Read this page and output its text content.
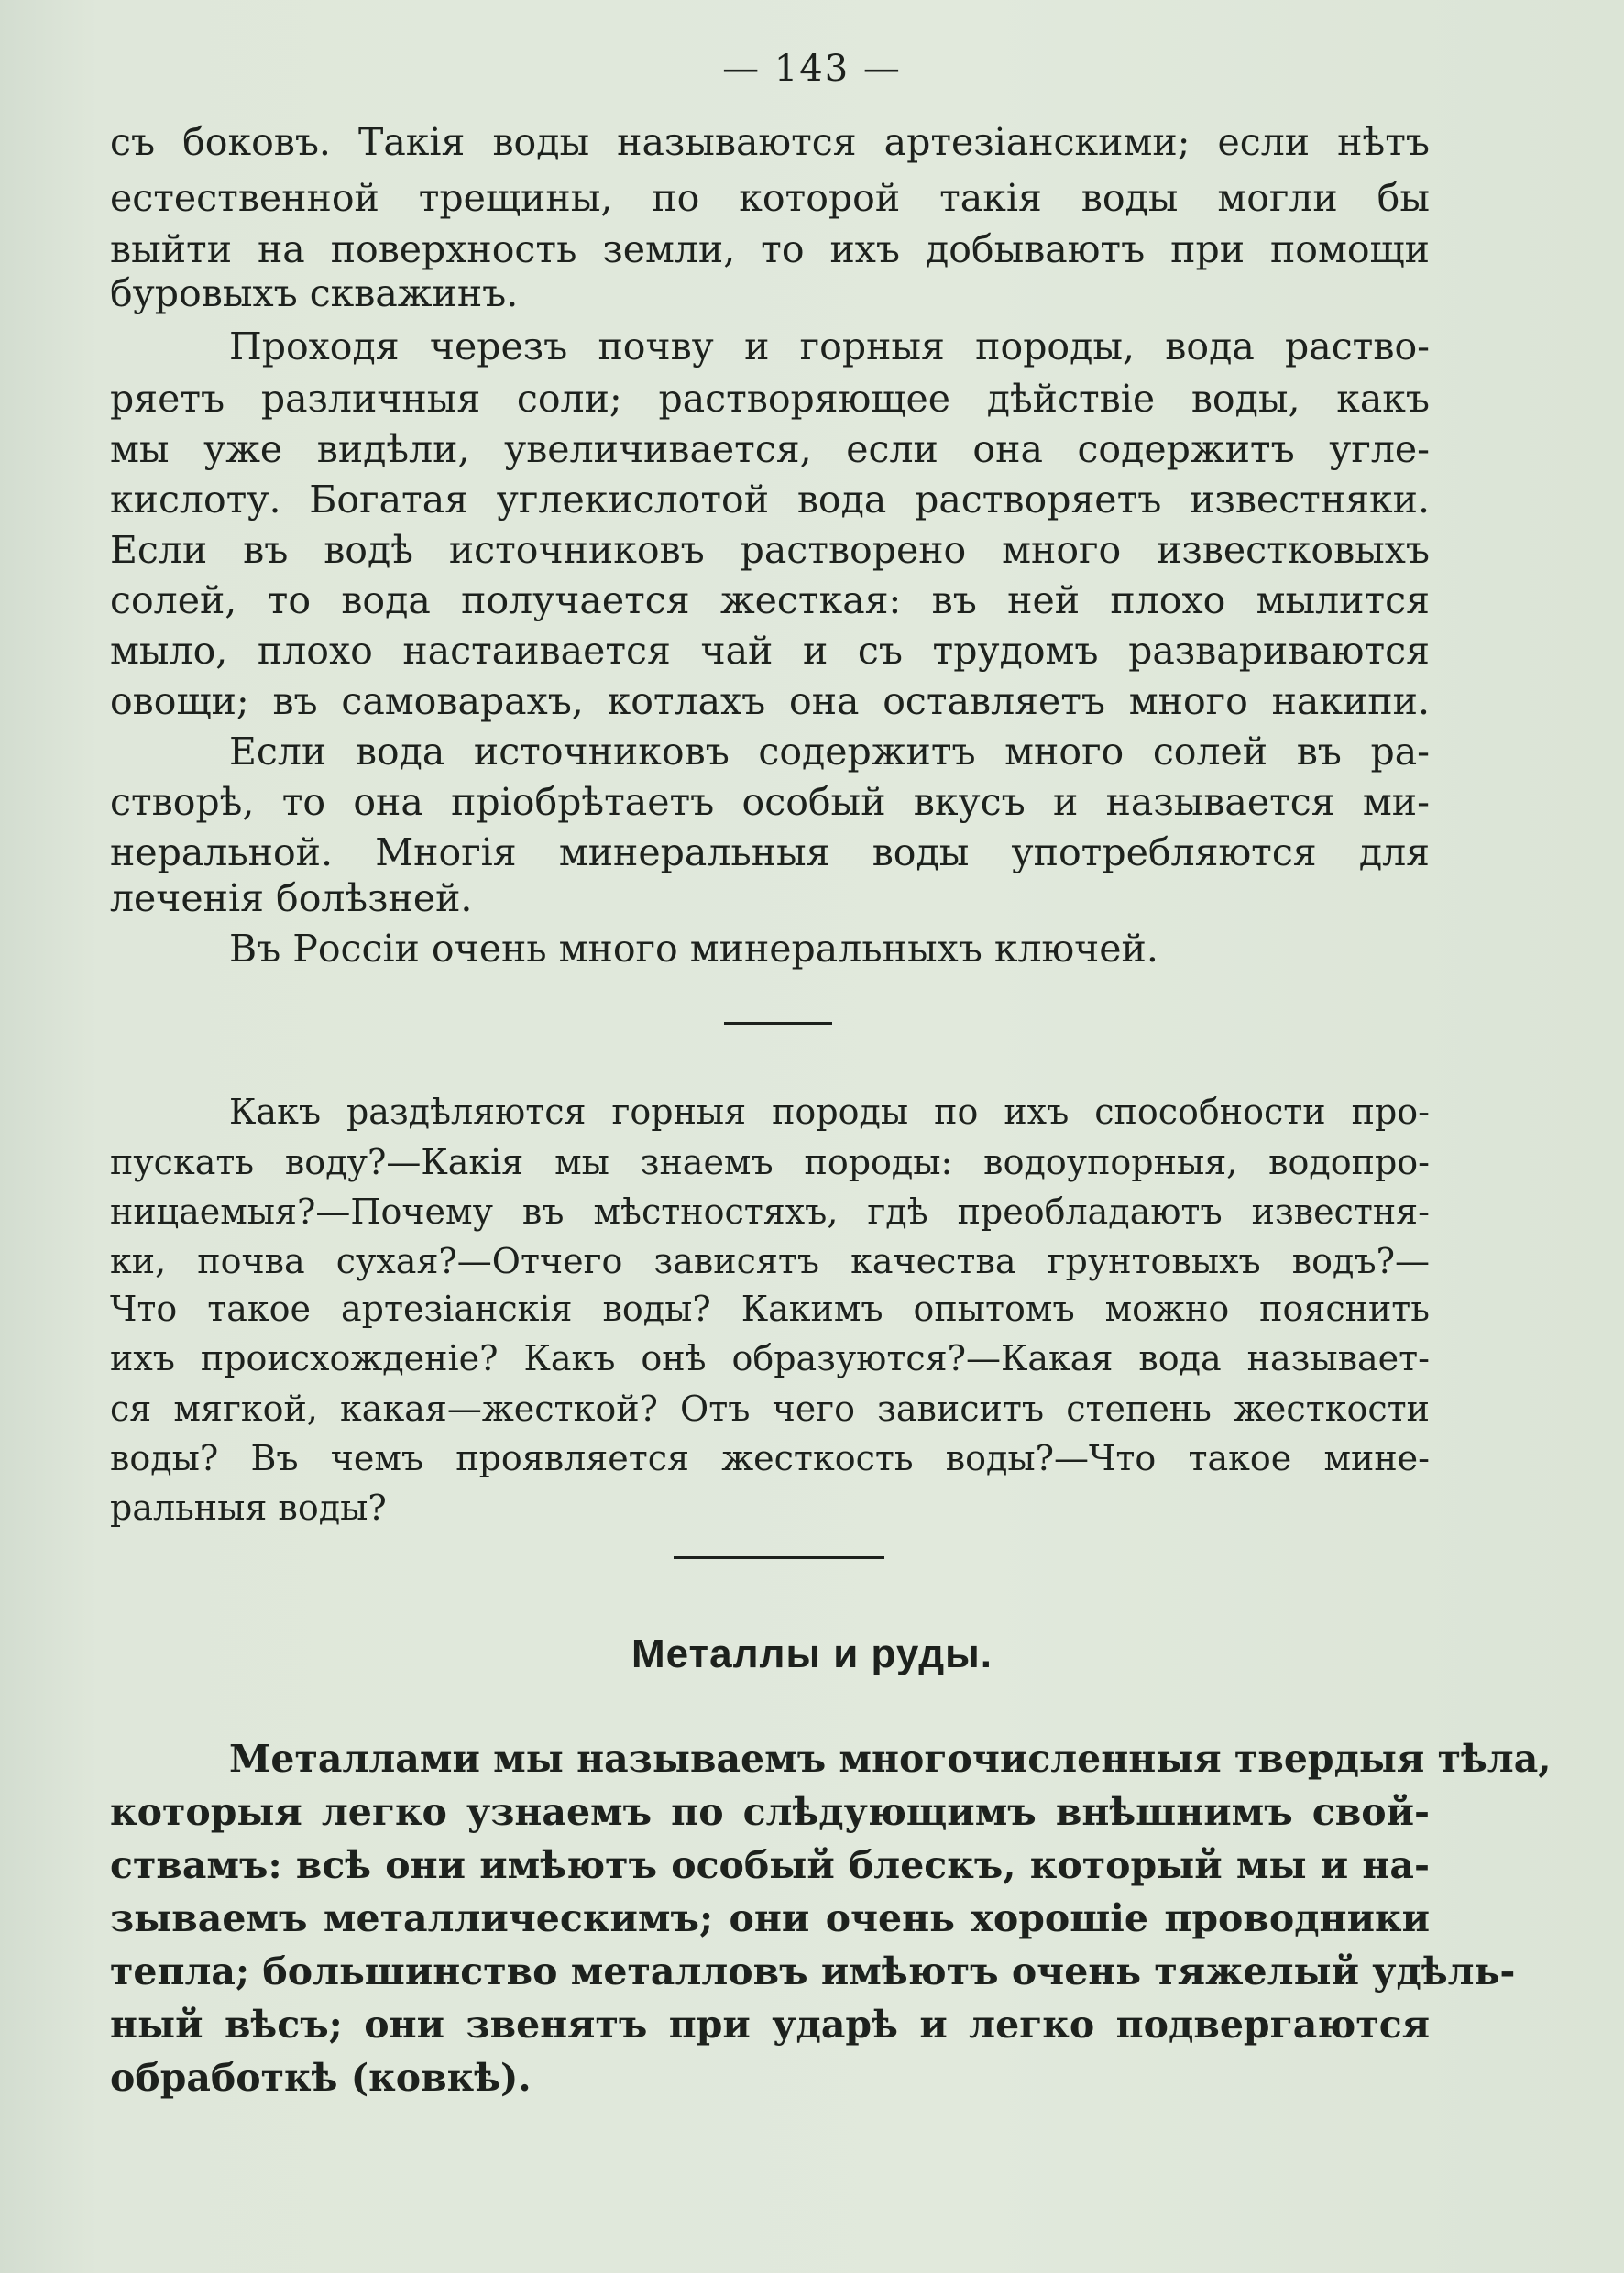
— 143 —
съ боковъ. Такія воды называются артезіанскими; если нѣтъ
естественной трещины, по которой такія воды могли бы
выйти на поверхность земли, то ихъ добываютъ при помощи
буровыхъ скважинъ.
Проходя черезъ почву и горныя породы, вода раство-
ряетъ различныя соли; растворяющее дѣйствіе воды, какъ
мы уже видѣли, увеличивается, если она содержитъ угле-
кислоту. Богатая углекислотой вода растворяетъ известняки.
Если въ водѣ источниковъ растворено много известковыхъ
солей, то вода получается жесткая: въ ней плохо мылится
мыло, плохо настаивается чай и съ трудомъ развариваются
овощи; въ самоварахъ, котлахъ она оставляетъ много накипи.
Если вода источниковъ содержитъ много солей въ ра-
створѣ, то она пріобрѣтаетъ особый вкусъ и называется ми-
неральной. Многія минеральныя воды употребляются для
леченія болѣзней.
Въ Россіи очень много минеральныхъ ключей.
Какъ раздѣляются горныя породы по ихъ способности про-
пускать воду?—Какія мы знаемъ породы: водоупорныя, водопро-
ницаемыя?—Почему въ мѣстностяхъ, гдѣ преобладаютъ известня-
ки, почва сухая?—Отчего зависятъ качества грунтовыхъ водъ?—
Что такое артезіанскія воды? Какимъ опытомъ можно пояснить
ихъ происхожденіе? Какъ онѣ образуются?—Какая вода называет-
ся мягкой, какая—жесткой? Отъ чего зависитъ степень жесткости
воды? Въ чемъ проявляется жесткость воды?—Что такое мине-
ральныя воды?
Металлы и руды.
Металлами мы называемъ многочисленныя твердыя тѣла,
которыя легко узнаемъ по слѣдующимъ внѣшнимъ свой-
ствамъ: всѣ они имѣютъ особый блескъ, который мы и на-
зываемъ металлическимъ; они очень хорошіе проводники
тепла; большинство металловъ имѣютъ очень тяжелый удѣль-
ный вѣсъ; они звенятъ при ударѣ и легко подвергаются
обработкѣ (ковкѣ).
